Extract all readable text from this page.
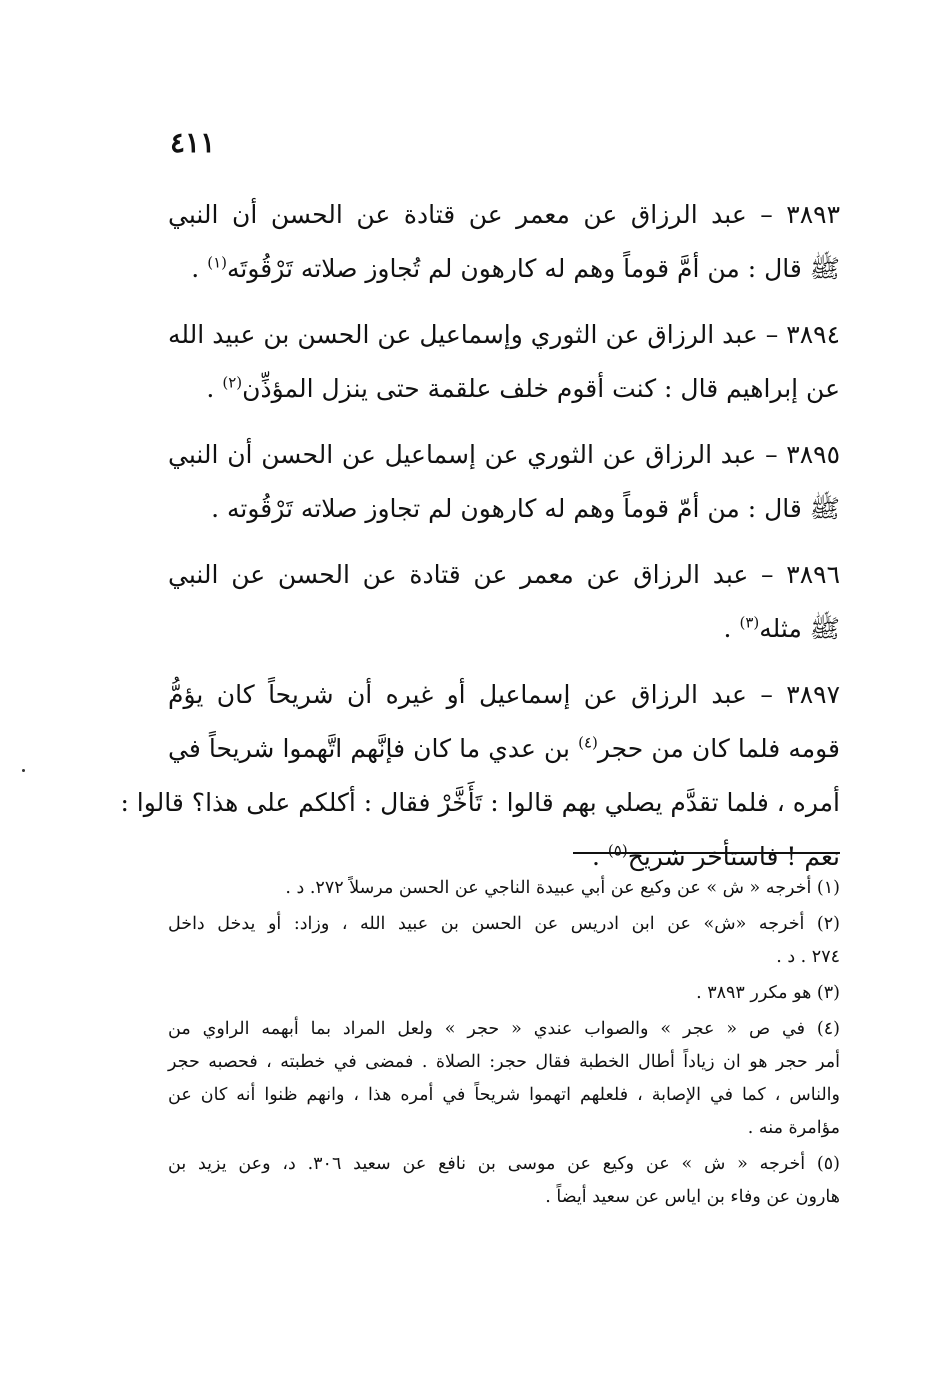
٤١١
٣٨٩٣ – عبد الرزاق عن معمر عن قتادة عن الحسن أن النبي
ﷺ قال : من أمَّ قوماً وهم له كارهون لم تُجاوز صلاته تَرْقُوتَه$^{(١)}$ .
٣٨٩٤ – عبد الرزاق عن الثوري وإسماعيل عن الحسن بن عبيد الله
عن إبراهيم قال : كنت أقوم خلف علقمة حتى ينزل المؤذِّن$^{(٢)}$ .
٣٨٩٥ – عبد الرزاق عن الثوري عن إسماعيل عن الحسن أن النبي
ﷺ قال : من أمّ قوماً وهم له كارهون لم تجاوز صلاته تَرْقُوته .
٣٨٩٦ – عبد الرزاق عن معمر عن قتادة عن الحسن عن النبي
ﷺ مثله$^{(٣)}$ .
٣٨٩٧ – عبد الرزاق عن إسماعيل أو غيره أن شريحاً كان يؤمُّ
قومه فلما كان من حجر$^{(٤)}$ بن عدي ما كان فإنَّهم اتَّهموا شريحاً في
أمره ، فلما تقدَّم يصلي بهم قالوا : تَأَخَّرْ فقال : أكلكم على هذا؟ قالوا :
نعم ! فاستأخر شريح$^{(٥)}$ .
(١) أخرجه « ش » عن وكيع عن أبي عبيدة الناجي عن الحسن مرسلاً ٢٧٢. د .
(٢) أخرجه «ش» عن ابن ادريس عن الحسن بن عبيد الله ، وزاد: أو يدخل داخل
٢٧٤ . د .
(٣) هو مكرر ٣٨٩٣ .
(٤) في ص « عجر » والصواب عندي « حجر » ولعل المراد بما أبهمه الراوي من
أمر حجر هو ان زياداً أطال الخطبة فقال حجر: الصلاة . فمضى في خطبته ، فحصبه حجر
والناس ، كما في الإصابة ، فلعلهم اتهموا شريحاً في أمره هذا ، وانهم ظنوا أنه كان عن
مؤامرة منه .
(٥) أخرجه « ش » عن وكيع عن موسى بن نافع عن سعيد ٣٠٦. د، وعن يزيد بن
هارون عن وفاء بن اياس عن سعيد أيضاً .
